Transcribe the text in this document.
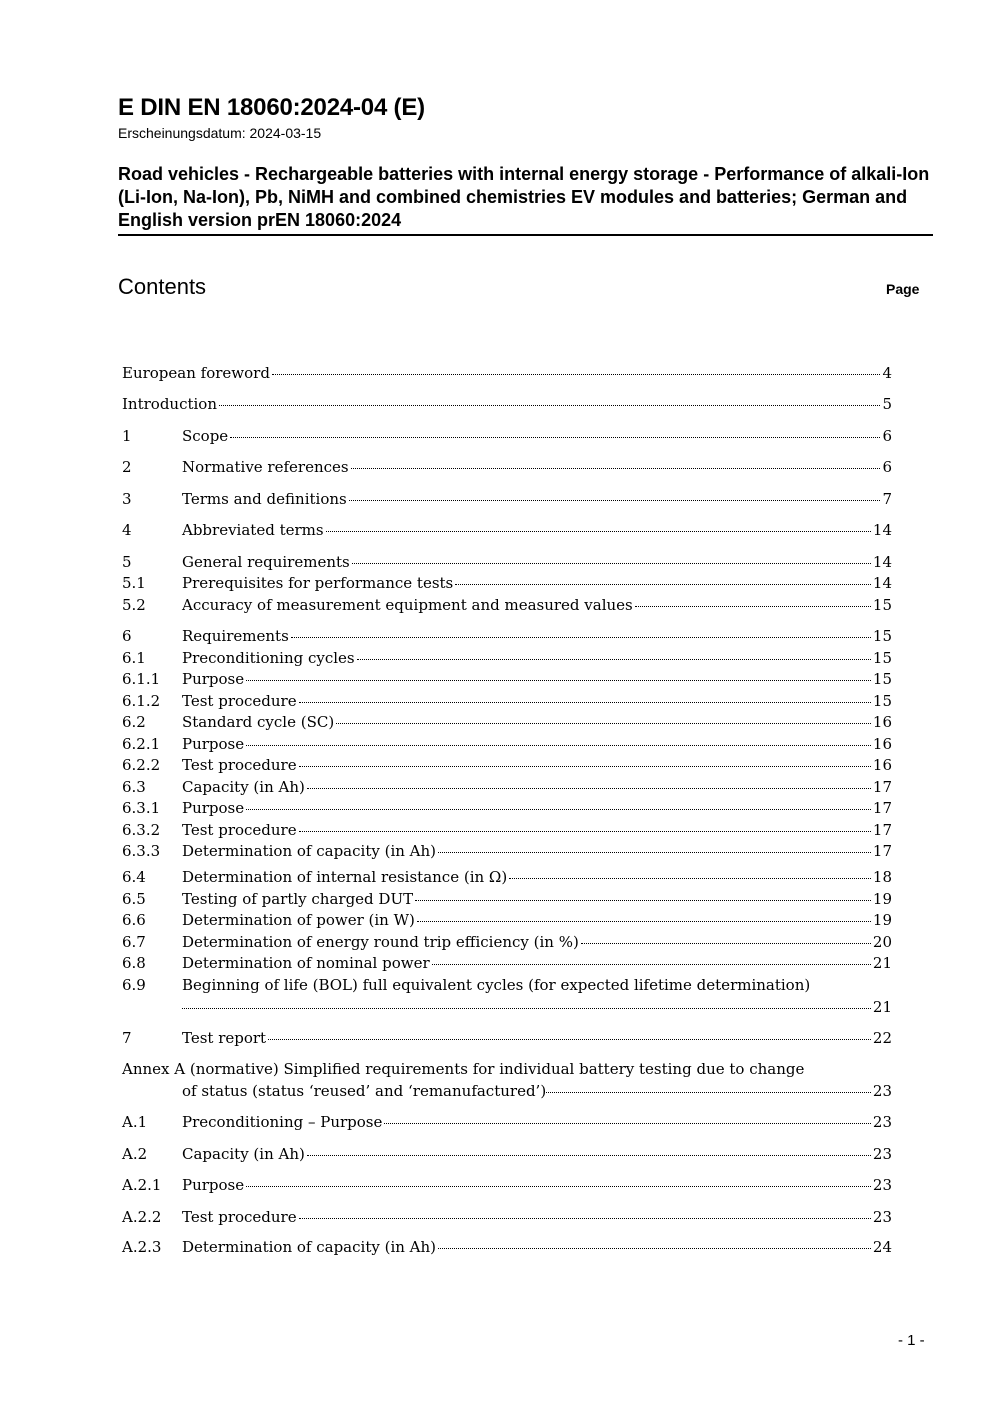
E DIN EN 18060:2024-04 (E)
Erscheinungsdatum: 2024-03-15
Road vehicles - Rechargeable batteries with internal energy storage - Performance of alkali-Ion (Li-Ion, Na-Ion), Pb, NiMH and combined chemistries EV modules and batteries; German and English version prEN 18060:2024
Contents	Page
European foreword	4
Introduction	5
1	Scope	6
2	Normative references	6
3	Terms and definitions	7
4	Abbreviated terms	14
5	General requirements	14
5.1	Prerequisites for performance tests	14
5.2	Accuracy of measurement equipment and measured values	15
6	Requirements	15
6.1	Preconditioning cycles	15
6.1.1	Purpose	15
6.1.2	Test procedure	15
6.2	Standard cycle (SC)	16
6.2.1	Purpose	16
6.2.2	Test procedure	16
6.3	Capacity (in Ah)	17
6.3.1	Purpose	17
6.3.2	Test procedure	17
6.3.3	Determination of capacity (in Ah)	17
6.4	Determination of internal resistance (in Ω)	18
6.5	Testing of partly charged DUT	19
6.6	Determination of power (in W)	19
6.7	Determination of energy round trip efficiency (in %)	20
6.8	Determination of nominal power	21
6.9	Beginning of life (BOL) full equivalent cycles (for expected lifetime determination)
21
7	Test report	22
Annex A (normative) Simplified requirements for individual battery testing due to change
of status (status ‘reused’ and ‘remanufactured’)	23
A.1	Preconditioning – Purpose	23
A.2	Capacity (in Ah)	23
A.2.1	Purpose	23
A.2.2	Test procedure	23
A.2.3	Determination of capacity (in Ah)	24
- 1 -
